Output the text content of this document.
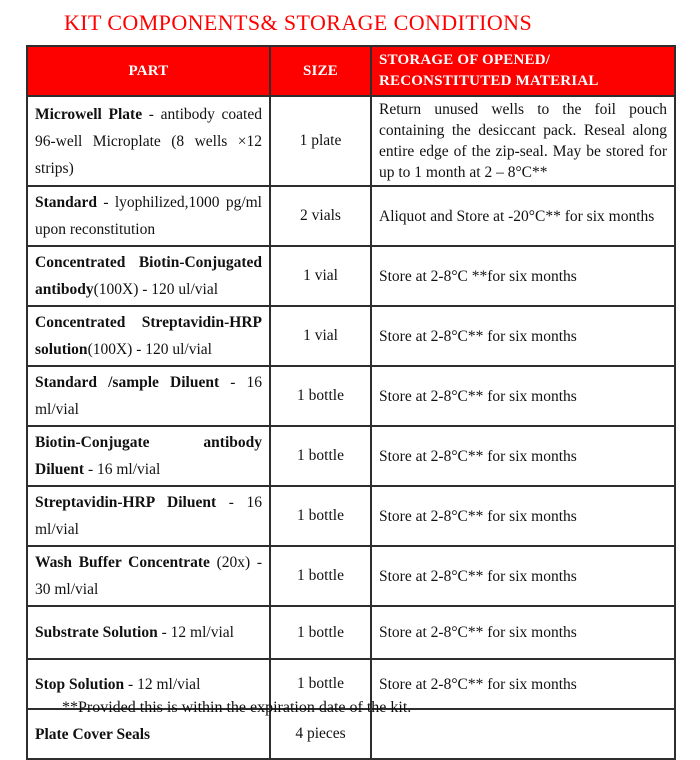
KIT COMPONENTS& STORAGE CONDITIONS
PART	SIZE	STORAGE OF OPENED/
RECONSTITUTED MATERIAL

Microwell Plate - antibody coated 96-well Microplate (8 wells ×12 strips)	1 plate	Return unused wells to the foil pouch containing the desiccant pack. Reseal along entire edge of the zip-seal. May be stored for up to 1 month at 2 – 8°C**
Standard - lyophilized,1000 pg/ml upon reconstitution	2 vials	Aliquot and Store at -20°C** for six months
Concentrated Biotin-Conjugated antibody(100X) - 120 ul/vial	1 vial	Store at 2-8°C **for six months
Concentrated Streptavidin-HRP solution(100X) - 120 ul/vial	1 vial	Store at 2-8°C** for six months
Standard /sample Diluent - 16 ml/vial	1 bottle	Store at 2-8°C** for six months
Biotin-Conjugate antibody Diluent - 16 ml/vial	1 bottle	Store at 2-8°C** for six months
Streptavidin-HRP Diluent - 16 ml/vial	1 bottle	Store at 2-8°C** for six months
Wash Buffer Concentrate (20x) - 30 ml/vial	1 bottle	Store at 2-8°C** for six months
Substrate Solution - 12 ml/vial	1 bottle	Store at 2-8°C** for six months
Stop Solution - 12 ml/vial	1 bottle	Store at 2-8°C** for six months
Plate Cover Seals	4 pieces	
**Provided this is within the expiration date of the kit.
